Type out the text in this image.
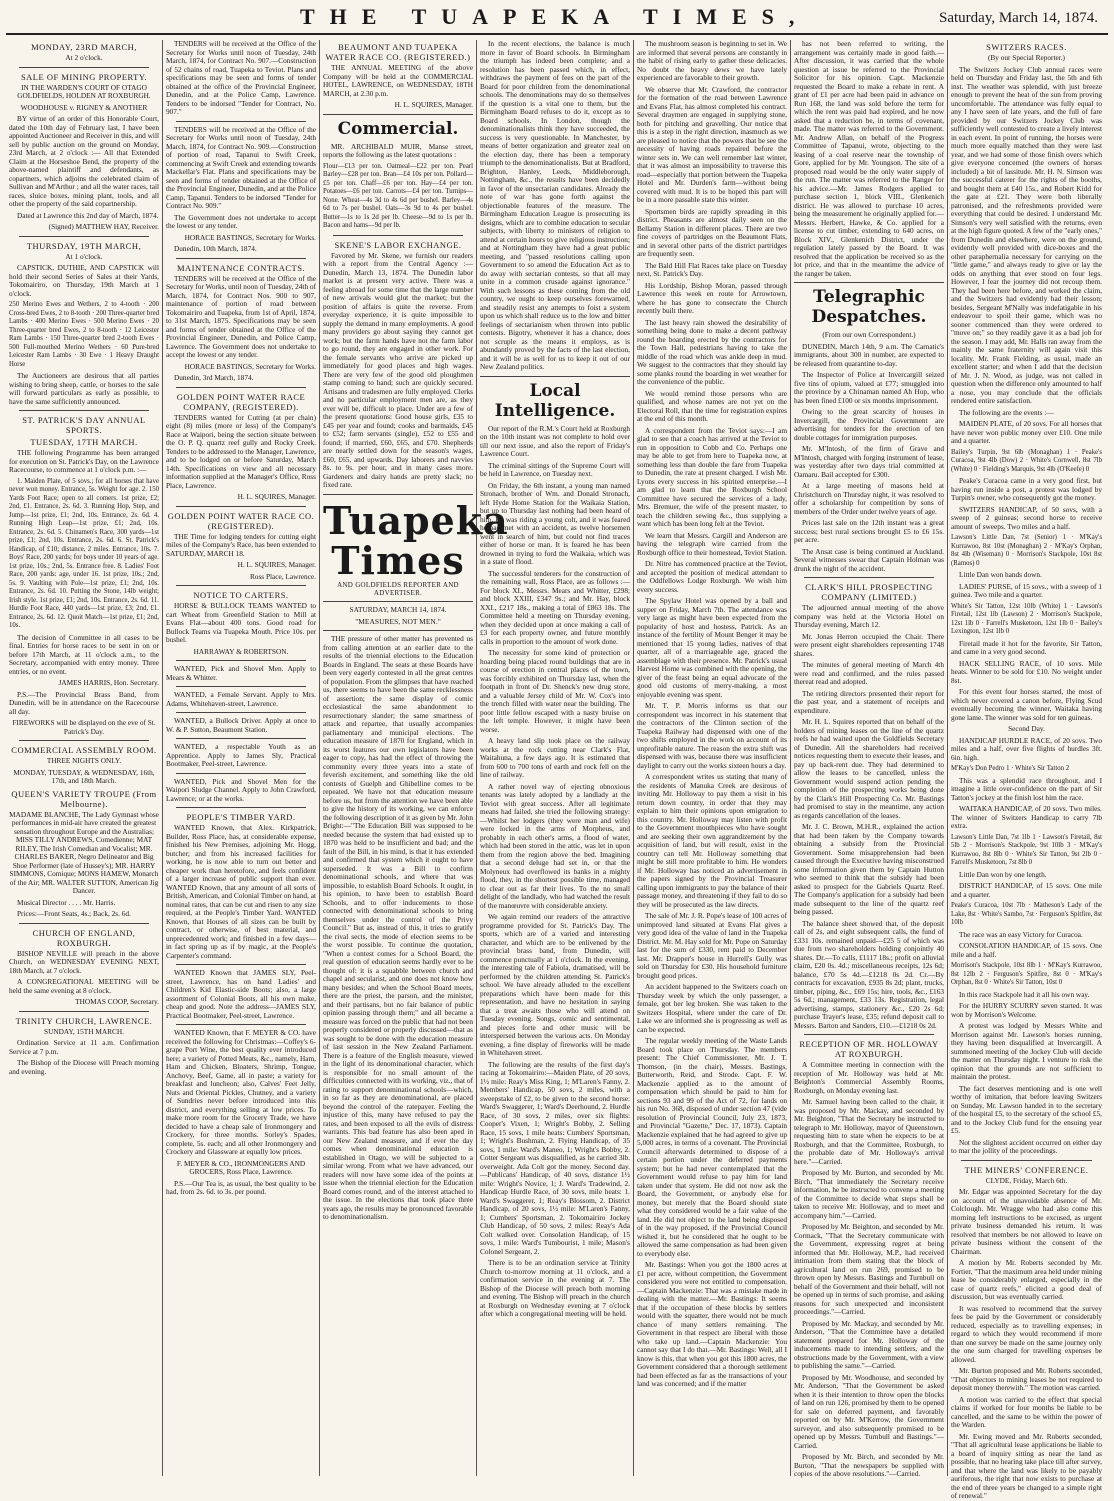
THE TUAPEKA TIMES,	Saturday, March 14, 1874.
MONDAY, 23RD MARCH,

At 2 o'clock.

SALE OF MINING PROPERTY.

IN THE WARDEN'S COURT OF OTAGO GOLDFIELDS, HOLDEN AT ROXBURGH.

WOODHOUSE v. RIGNEY & ANOTHER

BY virtue of an order of this Honorable Court, dated the 10th day of February last, I have been appointed Auctioneer and Receiver in this, and will sell by public auction on the ground on Monday, 23rd March, at 2 o'clock :— All that Extended Claim at the Horseshoe Bend, the property of the above-named plaintiff and defendants, as copartners, which adjoins the celebrated claim of Sullivan and M'Arthur ; and all the water races, tail races, sluice boxes, mining plant, tools, and all other the property of the said copartnership.

Dated at Lawrence this 2nd day of March, 1874.

(Signed) MATTHEW HAY, Receiver.

THURSDAY, 19TH MARCH,

At 1 o'clock.

CAPSTICK, DUTHIE, AND CAPSTICK will hold their second Series of Sales at their Yards, Tokomairiro, on Thursday, 19th March at 1 o'clock.

250 Merino Ewes and Wethers, 2 to 4-tooth · 200 Cross-bred Ewes, 2 to 8-tooth · 200 Three-quarter bred Lambs · 400 Merino Ewes · 500 Merino Ewes · 20 Three-quarter bred Ewes, 2 to 8-tooth · 12 Leicester Ram Lambs · 150 Three-quarter bred 2-tooth Ewes · 500 Full-mouthed Merino Wethers · 60 Pure-bred Leicester Ram Lambs · 30 Ewe · 1 Heavy Draught Horse

The Auctioneers are desirous that all parties wishing to bring sheep, cattle, or horses to the sale will forward particulars as early as possible, to have the same sufficiently announced.

ST. PATRICK'S DAY ANNUAL SPORTS.
TUESDAY, 17TH MARCH.

THE following Programme has been arranged for execution on St. Patrick's Day, on the Lawrence Racecourse, to commence at 1 o'clock p.m. :—

1. Maiden Plate, of 5 sovs.; for all horses that have never won money. Entrance, 5s. Weight for age. 2. 150 Yards Foot Race; open to all comers. 1st prize, £2; 2nd, £1. Entrance, 2s. 6d. 3. Running Hop, Step, and Jump—1st prize, £1; 2nd, 10s. Entrance, 2s. 6d. 4. Running High Leap—1st prize, £1; 2nd, 10s. Entrance, 2s. 6d. 5. Chinamen's Race, 300 yards—1st prize, £1; 2nd, 10s. Entrance, 2s. 6d. 6. St. Patrick's Handicap, of £10; distance, 2 miles. Entrance, 10s. 7. Boys' Race, 200 yards; for boys under 10 years of age. 1st prize, 10s.; 2nd, 5s. Entrance free. 8. Ladies' Foot Race, 200 yards: age, under 16. 1st prize, 10s.; 2nd, 5s. 9. Vaulting with Pole—1st prize, £1; 2nd, 10s. Entrance, 2s. 6d. 10. Putting the Stone, 14lb weight; Irish style. 1st prize, £1; 2nd, 10s. Entrance, 2s. 6d. 11. Hurdle Foot Race, 440 yards—1st prize, £3; 2nd, £1. Entrance, 2s. 6d. 12. Quoit Match—1st prize, £1; 2nd, 10s.

The decision of Committee in all cases to be final. Entries for horse races to be sent in on or before 17th March, at 11 o'clock a.m., to the Secretary, accompanied with entry money. Three entries, or no event.

JAMES HARRIS, Hon. Secretary.

P.S.—The Provincial Brass Band, from Dunedin, will be in attendance on the Racecourse all day.

FIREWORKS will be displayed on the eve of St. Patrick's Day.

COMMERCIAL ASSEMBLY ROOM.

THREE NIGHTS ONLY.

MONDAY, TUESDAY, & WEDNESDAY, 16th, 17th, and 18th March.

QUEEN'S VARIETY TROUPE (From Melbourne).

MADAME BLANCHE, The Lady Gymnast whose performances in mid-air have created the greatest sensation throughout Europe and the Australias; MISS TILLY ANDREWS, Comedienne; MAT RILEY, The Irish Comedian and Vocalist; MR. CHARLES BAKER, Negro Delineator and Big Shoe Performer (late of Hussey's); MR. HARRY SIMMONS, Comique; MONS HAMEW, Monarch of the Air; MR. WALTER SUTTON, American Jig Dancer.

Musical Director . . . . Mr. Harris.

Prices:—Front Seats, 4s.; Back, 2s. 6d.

CHURCH OF ENGLAND, ROXBURGH.

BISHOP NEVILLE will preach in the above Church, on WEDNESDAY EVENING NEXT, 18th March, at 7 o'clock.

A CONGREGATIONAL MEETING will be held the same evening at 8 o'clock.

THOMAS COOP, Secretary.

TRINITY CHURCH, LAWRENCE.

SUNDAY, 15TH MARCH.

Ordination Service at 11 a.m. Confirmation Service at 7 p.m.

The Bishop of the Diocese will Preach morning and evening.

TENDERS will be received at the Office of the Secretary for Works until noon of Tuesday, 24th March, 1874, for Contract No. 907.—Construction of 52 chains of road, Tuapeka to Teviot. Plans and specifications may be seen and forms of tender obtained at the office of the Provincial Engineer, Dunedin, and at the Police Camp, Lawrence. Tenders to be indorsed "Tender for Contract, No. 907."

TENDERS will be received at the Office of the Secretary for Works until noon of Tuesday, 24th March, 1874, for Contract No. 909.—Construction of portion of road, Tapanui to Swift Creek, commencing at Swift Creek and extending towards Mackellar's Flat. Plans and specifications may be seen and forms of tender obtained at the Office of the Provincial Engineer, Dunedin, and at the Police Camp, Tapanui. Tenders to be indorsed "Tender for Contract No. 909."

The Government does not undertake to accept the lowest or any tender.

HORACE BASTINGS, Secretary for Works.

Dunedin, 10th March, 1874.

MAINTENANCE CONTRACTS.

TENDERS will be received at the Office of the Secretary for Works, until noon of Tuesday, 24th of March, 1874, for Contract Nos. 900 to 907, maintenance of portion of road between Tokomairiro and Tuapeka, from 1st of April, 1874, to 31st March, 1875. Specifications may be seen and forms of tender obtained at the Office of the Provincial Engineer, Dunedin, and Police Camp, Lawrence. The Government does not undertake to accept the lowest or any tender.

HORACE BASTINGS, Secretary for Works.

Dunedin, 3rd March, 1874.

GOLDEN POINT WATER RACE COMPANY, (REGISTERED).

TENDERS wanted for Cutting (at per chain) eight (8) miles (more or less) of the Company's Race at Waipori, being the section situate between the O. P. Q. quartz reef gully and Rocky Creek. Tenders to be addressed to the Manager, Lawrence, and to be lodged on or before Saturday, March 14th. Specifications on view and all necessary information supplied at the Manager's Office, Ross Place, Lawrence.

H. L. SQUIRES, Manager.

GOLDEN POINT WATER RACE CO. (REGISTERED).

THE Time for lodging tenders for cutting eight miles of the Company's Race, has been extended to SATURDAY, MARCH 18.

H. L. SQUIRES, Manager.

Ross Place, Lawrence.

NOTICE TO CARTERS.

HORSE & BULLOCK TEAMS WANTED to cart Wheat from Greenfield Station to Mill at Evans Flat—about 400 tons. Good road for Bullock Teams via Tuapeka Mouth. Price 10s. per bushel.

HARRAWAY & ROBERTSON.

WANTED, Pick and Shovel Men. Apply to Mears & Whitter.

WANTED, a Female Servant. Apply to Mrs. Adams, Whitehaven-street, Lawrence.

WANTED, a Bullock Driver. Apply at once to W. & P. Sutton, Beaumont Station.

WANTED, a respectable Youth as an Apprentice. Apply to James Sly, Practical Bootmaker, Peel-street, Lawrence.

WANTED, Pick and Shovel Men for the Waipori Sludge Channel. Apply to John Crawford, Lawrence; or at the works.

PEOPLE'S TIMBER YARD.

WANTED Known, that Alex. Kirkpatrick, Builder, Ross Place, has, at considerable expense, finished his New Premises, adjoining Mr. Hogg, butcher; and from his increased facilities for working, he is now able to turn out better and cheaper work than heretofore, and feels confident of a larger increase of public support than ever. WANTED Known, that any amount of all sorts of British, American, and Colonial Timber on hand, at nominal rates, that can be cut and risen to any size required, at the People's Timber Yard. WANTED Known, that Houses of all sizes can be built by contract, or otherwise, of best material, and unprecedented work; and finished in a few days—in fact spring up as if by magic, at the People's Carpenter's command.

WANTED Known that JAMES SLY, Peel-street, Lawrence, has on hand Ladies' and Children's Kid Elastic-side Boots; also, a large assortment of Colonial Boots, all his own make, cheap and good. Note the address—JAMES SLY, Practical Bootmaker, Peel-street, Lawrence.

WANTED Known, that F. MEYER & CO. have received the following for Christmas:—Coffey's 6-grape Port Wine, the best quality ever introduced here; a variety of Potted Meats, &c., namely, Ham, Ham and Chicken, Bloaters, Shrimp, Tongue, Anchovy, Beef, Game, all in paste; a variety for breakfast and luncheon; also, Calves' Feet Jelly, Nuts and Oriental Pickles, Chutney, and a variety of Sundries never before introduced into this district, and everything selling at low prices. To make more room for the Grocery Trade, we have decided to have a cheap sale of Ironmongery and Crockery, for three months. Sorley's Spades, complete, 5s. each; and all other Ironmongery and Crockery and Glassware at equally low prices.

F. MEYER & CO., IRONMONGERS AND GROCERS, Ross Place, Lawrence.

P.S.—Our Tea is, as usual, the best quality to be had, from 2s. 6d. to 3s. per pound.

BEAUMONT AND TUAPEKA WATER RACE CO. (REGISTERED.)

THE ANNUAL MEETING of the above Company will be held at the COMMERCIAL HOTEL, LAWRENCE, on WEDNESDAY, 18TH MARCH, at 2.30 p.m.

H. L. SQUIRES, Manager.

Commercial.

MR. ARCHIBALD MUIR, Manse street, reports the following as the latest quotations :

Flour—£13 per ton. Oatmeal—£22 per ton. Pearl Barley—£28 per ton. Bran—£4 10s per ton. Pollard—£5 per ton. Chaff—£6 per ton. Hay—£4 per ton. Potatoes—£6 per ton. Carrots—£4 per ton. Turnips—None. Wheat—4s 3d to 4s 6d per bushel. Barley—4s 6d to 7s per bushel. Oats—3s 9d to 4s per bushel. Butter—1s to 1s 2d per lb. Cheese—9d to 1s per lb. Bacon and hams—9d per lb.

SKENE'S LABOR EXCHANGE.

Favored by Mr. Skene, we furnish our readers with a report from the Central Agency :— Dunedin, March 13, 1874. The Dunedin labor market is at present very active. There was a feeling abroad for some time that the large number of new arrivals would glut the market; but the position of affairs is quite the reverse. From everyday experience, it is quite impossible to supply the demand in many employments. A good many providers go about saying they cannot get work; but the farm hands have not the farm labor to go round, they are engaged in other work. For the female servants who arrive are picked up immediately for good places and high wages. There are very few of the good old ploughmen stamp coming to hand; such are quickly secured. Artisans and tradesmen are fully employed. Clerks and no particular employment men are, as they ever will be, difficult to place. Under are a few of the present quotations: Good house girls, £35 to £45 per year and found; cooks and barmaids, £45 to £52; farm servants (single), £52 to £55 and found; if married, £60, £65, and £70. Shepherds are nearly settled down for the season's wages, £60, £65, and upwards. Day laborers and navvies 8s. to 9s. per hour, and in many cases more. Gardeners and dairy hands are pretty slack; no fixed rate.

Tuapeka Times
AND GOLDFIELDS REPORTER AND ADVERTISER.

SATURDAY, MARCH 14, 1874.

"MEASURES, NOT MEN."

THE pressure of other matter has prevented us from calling attention at an earlier date to the results of the triennial elections to the Education Boards in England. The seats at these Boards have been very eagerly contested in all the great centres of population. From the glimpses that have reached us, there seems to have been the same recklessness of assertion; the same display of comic ecclesiastical the same abandonment to resurrectionary slander; the same smartness of attack and repartee, that usually accompanies parliamentary and municipal elections. The education measure of 1870 for England, which in its worst features our own legislators have been eager to copy, has had the effect of throwing the community every three years into a state of feverish excitement, and something like the old contests of Guelph and Ghibelline comes to be repeated. We have not that education measure before us, but from the attention we have been able to give the history of its working, we can enforce the following description of it as given by Mr. John Bright:—"The Education Bill was supposed to be needed because the system that had existed up to 1870 was held to be insufficient and bad; and the fault of the Bill, in his mind, is that it has extended and confirmed that system which it ought to have superseded. It was a Bill to confirm denominational schools, and where that was impossible, to establish Board Schools. It ought, in his opinion, to have been to establish Board Schools, and to offer inducements to those connected with denominational schools to bring themselves under the control of the Privy Council." But as, instead of this, it tries to gratify the rival sects, the mode of election seems to be the worst possible. To continue the quotation, "When a contest comes for a School Board, the real question of education seems hardly ever to be thought of: it is a squabble between church and chapel and secularist, and one does not know how many besides; and when the School Board meets, there are the priest, the parson, and the minister, and their partisans, but no fair balance of public opinion passing through them;" and all became a measure was forced on the public that had not been properly considered or properly discussed—that as was sought to be done with the education measure of last session in the New Zealand Parliament. There is a feature of the English measure, viewed in the light of its denominational character, which is responsible for no small amount of the difficulties connected with its working, viz., that of rating to support denominational schools—which, in so far as they are denominational, are placed beyond the control of the ratepayer. Feeling the injustice of this, many have refused to pay the rates, and been exposed to all the evils of distress warrants. This bad feature has also been aped in our New Zealand measure, and if ever the day comes when denominational education is established in Otago, we will be subjected to a similar wrong. From what we have advanced, our readers will now have some idea of the points at issue when the triennial election for the Education Board comes round, and of the interest attached to the issue. In the elections that took place three years ago, the results may be pronounced favorable to denominationalism.

In the recent elections, the balance is much more in favor of Board schools. In Birmingham the triumph has indeed been complete; and a resolution has been passed which, in effect, withdraws the payment of fees on the part of the Board for poor children from the denominational schools. The denominations may do so themselves if the question is a vital one to them, but the Birmingham Board refuses to do it, except as to Board schools. In London, though the denominationalists think they have succeeded, the success is very questionable. In Manchester, by means of better organization and greater zeal on the election day, there has been a temporary triumph to the denominationalists. But at Bradford, Brighton, Hanley, Leeds, Middleborough, Nottingham, &c., the results have been decidedly in favor of the unsectarian candidates. Already the note of war has gone forth against the objectionable features of the measure. The Birmingham Education League is prosecuting its designs, which are to combine education to secular subjects, with liberty to ministers of religion to attend at certain hours to give religious instruction; and at Nottingham they have had a great public meeting, and "passed resolutions calling upon Government to so amend the Education Act as to do away with sectarian contests, so that all may unite in a common crusade against ignorance." With such lessons as these coming from the old country, we ought to keep ourselves forewarned, and steadily resist any attempts to foist a system upon us which shall reduce us to the low and bitter feelings of sectarianism when thrown into public contests. Bigotry, whenever it has a chance, does not scruple as the means it employs, as is abundantly proved by the facts of the last election, and it will be as well for us to keep it out of our New Zealand politics.

Local Intelligence.

Our report of the R.M.'s Court held at Roxburgh on the 10th instant was not complete to hold over till our next issue, and also the report of Friday's Lawrence Court.

The criminal sittings of the Supreme Court will be held in Lawrence, on Tuesday next.

On Friday, the 6th instant, a young man named Stronach, brother of Wm. and Donald Stronach, left Hyde Home Station for the Waikaia Station, but up to Thursday last nothing had been heard of him. He was riding a young colt, and it was feared he had met with an accident, as twelve horsemen went in search of him, but could not find traces either of horse or man. It is feared he has been drowned in trying to ford the Waikaia, which was in a state of flood.

The successful tenderers for the construction of the remaining wall, Ross Place, are as follows :—For block XI., Messrs. Mears and Whitter, £298; and block XXIII, £347 9s.; and Mr. Hay, block XXI., £217 18s., making a total of £863 18s. The Committee held a meeting on Thursday evening, when they decided upon at once making a call of £3 for each property owner, and future monthly calls in proportion to the amount of work done.

The necessity for some kind of protection or hoarding being placed round buildings that are in course of erection in central places of the town, was forcibly exhibited on Thursday last, when the footpath in front of Dr. Shenck's new drug store, and a valuable Jersey child of Mr. W. Cox's into the trench filled with water near the building. The poor little fellow escaped with a nasty bruise on the left temple. However, it might have been worse.

A heavy land slip took place on the railway works at the rock cutting near Clark's Flat, Waitahuna, a few days ago. It is estimated that from 600 to 700 tons of earth and rock fell on the line of railway.

A rather novel way of ejecting obnoxious tenants was lately adopted by a landlady at the Teviot with great success. After all legitimate means had failed, she tried the following strategy:—Whilst her lodgers (they were man and wife) were locked in the arms of Morpheus, and probably in each other's arms, a flood of water, which had been stored in the attic, was let in upon them from the region above the bed. Imagining that a second deluge had set in, or that the Molyneux had overflowed its banks in a mighty flood, they, in the shortest possible time, managed to clear out as far their lives. To the no small delight of the landlady, who had watched the result of the manœuvre with considerable anxiety.

We again remind our readers of the attractive programme provided for St. Patrick's Day. The sports, which are of a varied and interesting character, and which are to be enlivened by the provincial brass band, from Dunedin, will commence punctually at 1 o'clock. In the evening, the interesting tale of Fabiola, dramatised, will be performed by the children attending St. Patrick's school. We have already alluded to the excellent preparations which have been made for this representation, and have no hesitation in saying that a treat awaits those who will attend on Tuesday evening. Songs, comic and sentimental, and pieces forte and other music will be interspersed between the various acts. On Monday evening, a fine display of fireworks will be made in Whitehaven street.

The following are the results of the first day's racing at Tokomairiro:—Maiden Plate, of 20 sovs, 1½ mile: Reay's Miss King, 1; M'Laren's Fanny, 2. Members' Handicap, 50 sovs, 2 miles, with a sweepstake of £2, to be given to the second horse: Ward's Swaggerer, 1; Ward's Deerhound, 2. Hurdle Race, of 30 sovs, 2 miles, over six flights: Cooper's Vixen, 1; Wright's Bobby, 2. Selling Race, 15 sovs, 1 mile heats: Cumbers' Sportsman, 1; Wright's Bushman, 2. Flying Handicap, of 35 sovs, 1 mile: Ward's Maneo, 1; Wright's Bobby, 2. Cotter Sergeant was disqualified, as he carried 3lb. overweight. Ada Colt got the money. Second day.—Publicans' Handicap, of 40 sovs, distance 1½ mile: Wright's Novice, 1; J. Ward's Tradewind, 2. Handicap Hurdle Race, of 30 sovs, mile heats: 1. Ward's Swaggerer, 1; Reay's Blossom, 2. District Handicap, of 20 sovs, 1½ mile: M'Laren's Fanny, 1; Cumbers' Sportsman, 2. Tokomairiro Jockey Club Handicap, of 50 sovs, 2 miles: Reay's Ada Colt walked over. Consolation Handicap, of 15 sovs, 1 mile: Ward's Tumbourist, 1 mile; Mason's Colonel Sergeant, 2.

There is to be an ordination service at Trinity Church to-morrow morning at 11 o'clock, and a confirmation service in the evening at 7. The Bishop of the Diocese will preach both morning and evening. The Bishop will preach in the church at Roxburgh on Wednesday evening at 7 o'clock after which a congregational meeting will be held.

The mushroom season is beginning to set in. We are informed that several persons are constantly in the habit of rising early to gather these delicacies. No doubt the heavy dews we have lately experienced are favorable to their growth.

We observe that Mr. Crawford, the contractor for the formation of the road between Lawrence and Evans Flat, has almost completed his contract. Several draymen are engaged in supplying stone, both for pitching and gravelling. Our notice that this is a step in the right direction, inasmuch as we are pleased to notice that the powers that be see the necessity of having roads repaired before the winter sets in. We can well remember last winter, that it was almost an impossibility to traverse this road—especially that portion between the Tuapeka Hotel and Mr. Durden's farm—without being covered with mud. It is to be hoped this part will be in a more passable state this winter.

Sportsmen birds are rapidly spreading in this district. Pheasants are almost daily seen on the Bellamy Station in different places. There are two fine coveys of partridges on the Beaumont Flats, and in several other parts of the district partridges are frequently seen.

The Bald Hill Flat Races take place on Tuesday next, St. Patrick's Day.

His Lordship, Bishop Moran, passed through Lawrence this week en route for Arrowtown, where he has gone to consecrate the Church recently built there.

The last heavy rain showed the desirability of something being done to make a decent pathway round the boarding erected by the contractors for the Town Hall, pedestrians having to take the middle of the road which was ankle deep in mud. We suggest to the contractors that they should lay some planks round the boarding in wet weather for the convenience of the public.

We would remind those persons who are qualified, and whose names are not yet on the Electoral Roll, that the time for registration expires at the end of this month.

A correspondent from the Teviot says:—I am glad to see that a coach has arrived at the Teviot to run in opposition to Cobb and Co. Perhaps one may be able to get from here to Tuapeka now, at something less than double the fare from Tuapeka to Dunedin, the rate at present charged. I wish Mr. Lyons every success in his spirited enterprise.—I am glad to learn that the Roxburgh School Committee have secured the services of a lady, Mrs. Bremuer, the wife of the present master, to teach the children sewing &c., thus supplying a want which has been long felt at the Teviot.

We learn that Messrs. Cargill and Anderson are having the telegraph wire carried from the Roxburgh office to their homestead, Teviot Station.

Dr. Nitre has commenced practice at the Teviot, and accepted the position of medical attendant to the Oddfellows Lodge Roxburgh. We wish him every success.

The Spylaw Hotel was opened by a ball and supper on Friday, March 7th. The attendance was very large as might have been expected from the popularity of host and hostess, Patrick. As an instance of the fertility of Mount Benger it may be mentioned that 15 young ladies, natives of that quarter, all of a marriageable age, graced the assemblage with their presence. Mr. Patrick's usual Harvest Home was combined with the opening, the giver of the feast being an equal advocate of the good old customs of merry-making, a most enjoyable evening was spent.

Mr. T. P. Morris informs us that our correspondent was incorrect in his statement that the contractors of the Clinton section of the Tuapeka Railway had dispensed with one of the two shifts employed in the work on account of its unprofitable nature. The reason the extra shift was dispensed with was, because there was insufficient daylight to carry out the works sixteen hours a day.

A correspondent writes us stating that many of the residents of Manuka Creek are desirous of inviting Mr. Holloway to pay them a visit in his return down country, in order that they may explain to him their opinions upon emigration to this country. Mr. Holloway may listen with profit to the Government mouthpieces who have sought and are seeking their own aggrandizement by the acquisition of land, but will result, exist in the country can tell Mr. Holloway something that might be still more profitable to him. He wonders if Mr. Holloway has noticed an advertisement in the papers signed by the Provincial Treasurer calling upon immigrants to pay the balance of their passage money, and threatening if they fail to do so they will be prosecuted as the law directs.

The sale of Mr. J. R. Pope's lease of 100 acres of unimproved land situated at Evans Flat gives a very good idea of the value of land in the Tuapeka District. Mr. M. Hay sold for Mr. Pope on Saturday last for the sum of £330, rent paid to December last. Mr. Drapper's house in Hurrell's Gully was sold on Thursday for £30. His household furniture brought good prices.

An accident happened to the Switzers coach on Thursday week by which the only passenger, a female, got her leg broken. She was taken to the Switzers Hospital, where under the care of Dr. Lake we are informed she is progressing as well as can be expected.

The regular weekly meeting of the Waste Lands Board took place on Thursday. The members present: The Chief Commissioner, Mr. J. T. Thomson, (in the chair), Messrs. Bastings, Butterworth, Reid, and Strode. Capt. F. W. Mackenzie applied as to the amount of compensation which should be paid to him for sections 93 and 99 of the Act of 72, for lands on his run No. 368, disposed of under section 47 (vide resolution of Provincial Council, July 23, 1873, and Provincial "Gazette," Dec. 17, 1873). Captain Mackenzie explained that he had agreed to give up 5,000 acres, in terms of a covenant. The Provincial Council afterwards determined to dispose of a certain portion under the deferred payments system; but he had never contemplated that the Government would refuse to pay him for land taken under that system. He did not now ask the Board, the Government, or anybody else for money, but merely that the Board should state what they considered would be a fair value of the land. He did not object to the land being disposed of in the way proposed, if the Provincial Council wished it, but he considered that he ought to be allowed the same compensation as had been given to everybody else.

Mr. Bastings: When you got the 1800 acres at £1 per acre, without competition, the Government considered you were not entitled to compensation.—Captain Mackenzie: That was a mistake made in dealing with the matter.—Mr. Bastings: It seems that if the occupation of these blocks by settlers would with the squatter, there would not be much chance of many settlers remaining. The Government in that respect are liberal with those who take up land.—Captain Mackenzie: You cannot say that I do that.—Mr. Bastings: Well, all I know is this, that when you got this 1800 acres, the Government considered that a thorough settlement had been effected as far as the transactions of your land was concerned; and if the matter

has not been referred to writing, the arrangement was certainly made in good faith.—After discussion, it was carried that the whole question at issue be referred to the Provincial Solicitor for his opinion. Capt. Mackenzie requested the Board to make a rebate in rent. A grant of £1 per acre had been paid in advance on Run 168, the land was sold before the term for which the rent was paid had expired, and he now asked that a reduction be, in terms of covenant, made. The matter was referred to the Government. Mr. Andrew Allan, on behalf of the Progress Committee of Tapanui, wrote, objecting to the leasing of a coal reserve near the township of Gore, applied for by Mr. Youngson. The site of a proposed road would be the only water supply of the run. The matter was referred to the Ranger for his advice.—Mr. James Rodgers applied to purchase section 1, block VIII., Glenkenich district. He was allowed to purchase 10 acres, being the measurement he originally applied for.—Messrs. Herbert, Hawke, & Co. applied for a license to cut timber, extending to 640 acres, on Block XIV., Glenkenich District, under the regulation lately passed by the Board. It was resolved that the application be received so as the lot price, and that in the meantime the advice of the ranger be taken.

Telegraphic Despatches.

(From our own Correspondent.)

DUNEDIN, March 14th, 9 a.m. The Carnatic's immigrants, about 300 in number, are expected to be released from quarantine to-day.

The Inspector of Police at Invercargill seized five tins of opium, valued at £77; smuggled into the province by a Chinaman named Ah Hop, who has been fined £100 or six months imprisonment.

Owing to the great scarcity of houses in Invercargill, the Provincial Government are advertising for tenders for the erection of ten double cottages for immigration purposes.

Mr. M'Intosh, of the firm of Grave and M'Intosh, charged with forging instrument of lease, was yesterday after two days trial committed at Oamaru. Bail accepted for £300.

At a large meeting of masons held at Christchurch on Thursday night, it was resolved to offer a scholarship for competition by sons of members of the Order under twelve years of age.

Prices last sale on the 12th instant was a great success; best rural sections brought £5 to £6 15s. per acre.

The Ansat case is being continued at Auckland. Several witnesses swear that Captain Holman was drunk the night of the accident.

CLARK'S HILL PROSPECTING COMPANY (LIMITED.)

The adjourned annual meeting of the above company was held at the Victoria Hotel on Thursday evening, March 12.

Mr. Jonas Herron occupied the Chair. There were present eight shareholders representing 1748 shares.

The minutes of general meeting of March 4th were read and confirmed, and the rules passed thereat read and adopted.

The retiring directors presented their report for the past year, and a statement of receipts and expenditure.

Mr. H. L. Squires reported that on behalf of the holders of mining leases on the line of the quartz reefs he had waited upon the Goldfields Secretary of Dunedin. All the shareholders had received notices requesting them to execute their leases, and pay up back-rent due. They had determined to allow the leases to be cancelled, unless the Government would suspend action pending the completion of the prospecting works being done by the Clark's Hill Prospecting Co. Mr. Bastings had promised to stay in the meantime, any action as regards cancellation of the leases.

Mr. J. C. Brown, M.H.R., explained the action that had been taken by the Company towards obtaining a subsidy from the Provincial Government. Some misapprehension had been caused through the Executive having misconstrued some information given them by Captain Hutton who seemed to think that the subsidy had been asked to prospect for the Gabriels Quartz Reef. The Company's application for a subsidy had been made subsequent to the line of the quartz reef being passed.

The balance sheet showed that, of the deposit call of 2s, and eight subsequent calls, the fund of £331 10s. remained unpaid—£25 5 of which was due from two shareholders holding conjointly 40 shares. Dr.—To calls, £1117 18s.; profit on alluvial claim, £20 0s. 4d.; miscellaneous receipts, 12s 6d; balance, £70 5s 4d.—£1218 0s 2d. Cr.—By contracts for excavation, £935 8s 2d; plant, trucks, timber, piping, &c., £69 15s; hire, tools, &c., £163 5s 6d.; management, £33 13s. Registration, legal advertising, stamps, stationery &c., £20 2s 6d; purchase Trayer's lease, £35; refund deposit call to Messrs. Barton and Sanders, £10.—£1218 0s 2d.

RECEPTION OF MR. HOLLOWAY AT ROXBURGH.

A Committee meeting in connection with the reception of Mr. Holloway was held at Mr. Beighton's Commercial Assembly Rooms, Roxburgh, on Monday evening last.

Mr. Samuel having been called to the chair, it was proposed by Mr. Mackay, and seconded by Mr. Beighton, "That the Secretary be instructed to telegraph to Mr. Holloway, mayor of Queenstown, requesting him to state when he expects to be at Roxburgh, and that the Committee, Roxburgh, to the probable date of Mr. Holloway's arrival here."—Carried.

Proposed by Mr. Burton, and seconded by Mr. Birch, "That immediately the Secretary receive information, he be instructed to convene a meeting of the Committee to decide what steps shall be taken to receive Mr. Holloway, and to meet and accompany him."—Carried.

Proposed by Mr. Beighton, and seconded by Mr. Cormack, "That the Secretary communicate with the Government, expressing regret at being informed that Mr. Holloway, M.P., had received intimation from them stating that the block of agricultural land on run 269, promised to be thrown open by Messrs. Bastings and Turnbull on behalf of the Government and their behalf, will not be opened up in terms of such promise, and asking reasons for such unexpected and inconsistent proceedings."—Carried.

Proposed by Mr. Mackay, and seconded by Mr. Anderson, "That the Committee have a detailed statement prepared for Mr. Holloway of the inducements made to intending settlers, and the obstructions made by the Government, with a view to publishing the same."—Carried.

Proposed by Mr. Woodhouse, and seconded by Mr. Anderson, "That the Government be asked when it is their intention to throw open the blocks of land on run 126, promised by them to be opened for sale on deferred payment, and favorably reported on by Mr. M'Kerrow, the Government surveyor, and also subsequently promised to be opened up by Messrs. Turnbull and Bastings."—Carried.

Proposed by Mr. Birch, and seconded by Mr. Burton, "That the newspapers be supplied with copies of the above resolutions."—Carried.

SWITZERS RACES.

(By our Special Reporter.)

The Switzers Jockey Club annual races were held on Thursday and Friday last, the 5th and 6th inst. The weather was splendid, with just breeze enough to prevent the heat of the sun from proving uncomfortable. The attendance was fully equal to any I have seen of late years, and the full of fare provided by our Switzers Jockey Club was sufficiently well contested to create a lively interest in each event. In point of running, the horses were much more equally matched than they were last year, and we had some of those finish overs which give everyone concerned (the owners of horses included) a bit of lassitude. Mr. H. N. Simson was the successful caterer for the rights of the booths, and bought them at £40 15s., and Robert Kidd for the gate at £21. They were both liberally patronised, and the refreshments provided were everything that could be desired. I understand Mr. Simson's very well satisfied with the returns, even at the high figure quoted. A few of the "early ones," from Dunedin and elsewhere, were on the ground, evidently well provided with dice-boxes and the other paraphernalia necessary for carrying on the "little game," and always ready to give or lay the odds on anything that ever stood on four legs. However, I fear the journey did not recoup them. They had been here before, and worked the claim, and the Switzers had evidently had their lesson; besides, Sergeant M'Nally was indefatigable in his endeavour to spoil their game, which was no sooner commenced than they were ordered to "move on;" so they readily gave it as a bad job for the season. I may add, Mr. Halls ran away from the mainly the same fraternity will again visit this locality. Mr. Frank Fielding, as usual, made an excellent starter; and when I add that the decision of Mr. J. N. Wood, as judge, was not called in question when the difference only amounted to half a nose, you may conclude that the officials rendered entire satisfaction.

The following are the events :—

MAIDEN PLATE, of 20 sovs. For all horses that have never won public money over £10. One mile and a quarter.

Bailey's Turpin, 9st 6lb (Monaghan) 1 · Peake's Curacoa, 9st 4lb (Dow) 2 · White's Cornwell, 8st 7lb (White) 0 · Fielding's Marquis, 9st 4lb (O'Keefe) 0

Peake's Curacoa came in a very good first, but having run inside a post, a protest was lodged by Turpin's owner, who consequently got the money.

SWITZERS HANDICAP, of 50 sovs, with a sweep of 2 guineas; second horse to receive amount of sweeps. Two miles and a half.

Lawson's Little Dan, 7st (Senior) 1 · M'Kay's Kurrawoo, 8st 10st (Monaghan) 2 · M'Kay's Orphan, 8st 4lb (Wiseman) 0 · Morrison's Stackpole, 10st 8st (Ramos) 0

Little Dan won hands down.

LADIES' PURSE, of 15 sovs., with a sweep of 1 guinea. Two mile and a quarter.

White's Sir Tatton, 12st 10lb (White) 1 · Lawson's Firetail, 12st 1lb (Lawson) 2 · Morrison's Stackpole, 12st 1lb 0 · Farrell's Musketoon, 12st 1lb 0 · Bailey's Lexington, 12st 1lb 0

Firetail made it hot for the favorite, Sir Tatton, and came in a very good second.

HACK SELLING RACE, of 10 sovs. Mile heats. Winner to be sold for £10. No weight under 8st.

For this event four horses started, the most of which never covered a canon before, Flying Scud eventually becoming the winner, Waitaka having gone lame. The winner was sold for ten guineas.

Second Day.

HANDICAP HURDLE RACE, of 20 sovs. Two miles and a half, over five flights of hurdles 3ft. 6in. high.

M'Kay's Don Pedro 1 · White's Sir Tatton 2

This was a splendid race throughout, and I imagine a little over-confidence on the part of Sir Tatton's jockey at the finish lost him the race.

WAITAKA HANDICAP, of 20 sovs. Two miles. The winner of Switzers Handicap to carry 7lb extra.

Lawson's Little Dan, 7st 1lb 1 · Lawson's Firetail, 8st 5lb 2 · Morrison's Stackpole, 9st 10lb 3 · M'Kay's Kurrawoo, 8st 8lb 0 · White's Sir Tatton, 9st 2lb 0 · Farrell's Musketoon, 7st 8lb 0

Little Dan won by one length.

DISTRICT HANDICAP, of 15 sovs. One mile and a quarter.

Peake's Curacoa, 10st 7lb · Matheson's Lady of the Lake, 8st · White's Sambo, 7st · Ferguson's Spitfire, 8st 10lb

The race was an easy Victory for Curacoa.

CONSOLATION HANDICAP, of 15 sovs. One mile and a half.

Morrison's Stackpole, 10st 8lb 1 · M'Kay's Kurrawoo, 8st 12lb 2 · Ferguson's Spitfire, 8st 0 · M'Kay's Orphan, 8st 0 · White's Sir Tatton, 10st 0

In this race Stackpole had it all his own way.

For the HURRY SCURRY seven started. It was won by Morrison's Welcome.

A protest was lodged by Messrs White and Morrison against Mr. Lawson's horses running, they having been disqualified at Invercargill. A summoned meeting of the Jockey Club will decide the matter on Thursday night. I venture to risk the opinion that the grounds are not sufficient to maintain the protest.

The fact deserves mentioning and is one well worthy of imitation, that before leaving Switzers on Sunday, Mr. Lawson handed in to the secretary of the hospital £5, to the secretary of the school £5, and to the Jockey Club fund for the ensuing year £5.

Not the slightest accident occurred on either day to mar the jollity of the proceedings.

THE MINERS' CONFERENCE.

CLYDE, Friday, March 6th.

Mr. Edgar was appointed Secretary for the day on account of the unavoidable absence of Mr. Colclough. Mr. Wragge who had also come this morning left instructions to be excused, as urgent private business demanded his return. It was resolved that members be not allowed to leave on private business without the consent of the Chairman.

A motion by Mr. Roberts seconded by Mr. Fortier, "That the maximum area held under mining lease be considerably enlarged, especially in the case of quartz reefs," elicited a good deal of discussion, but was eventually carried.

It was resolved to recommend that the survey fees be paid by the Government or considerably reduced, especially as to travelling expenses; in regard to which they would recommend if more than one survey be made on the same journey only the one sum charged for travelling expenses be allowed.

Mr. Burton proposed and Mr. Roberts seconded, "That objectors to mining leases be not required to deposit money therewith." The motion was carried.

A motion was carried to the effect that special claims if worked for four months be liable to be cancelled, and the same to be within the power of the Warden.

Mr. Ewing moved and Mr. Roberts seconded, "That all agricultural lease applications be liable to a board of inquiry sitting as near the land as possible, that no hearing take place till after survey, and that where the land was likely to be payably auriferous, the right that now exists to purchase at the end of three years be changed to a simple right of renewal."
